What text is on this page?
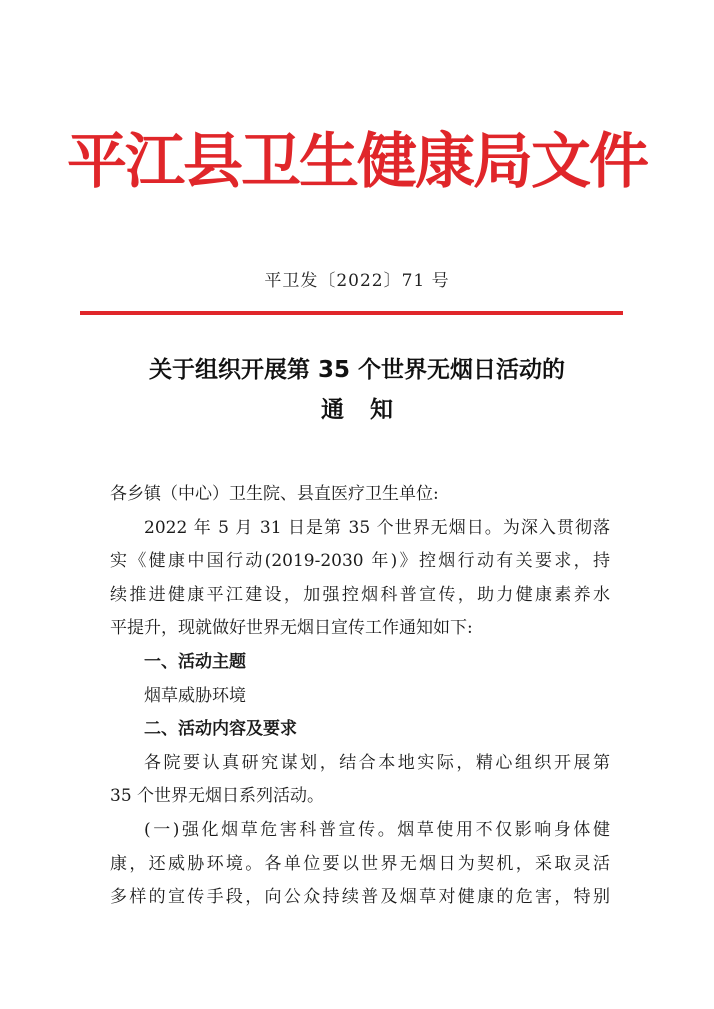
平江县卫生健康局文件
平卫发〔2022〕71 号
关于组织开展第 35 个世界无烟日活动的
通知

各乡镇（中心）卫生院、县直医疗卫生单位:

2022 年 5 月 31 日是第 35 个世界无烟日。为深入贯彻落

实《健康中国行动(2019-2030 年)》控烟行动有关要求，持

续推进健康平江建设，加强控烟科普宣传，助力健康素养水

平提升，现就做好世界无烟日宣传工作通知如下:

一、活动主题

烟草威胁环境

二、活动内容及要求

各院要认真研究谋划，结合本地实际，精心组织开展第

35 个世界无烟日系列活动。

(一)强化烟草危害科普宣传。烟草使用不仅影响身体健

康，还威胁环境。各单位要以世界无烟日为契机，采取灵活

多样的宣传手段，向公众持续普及烟草对健康的危害，特别
